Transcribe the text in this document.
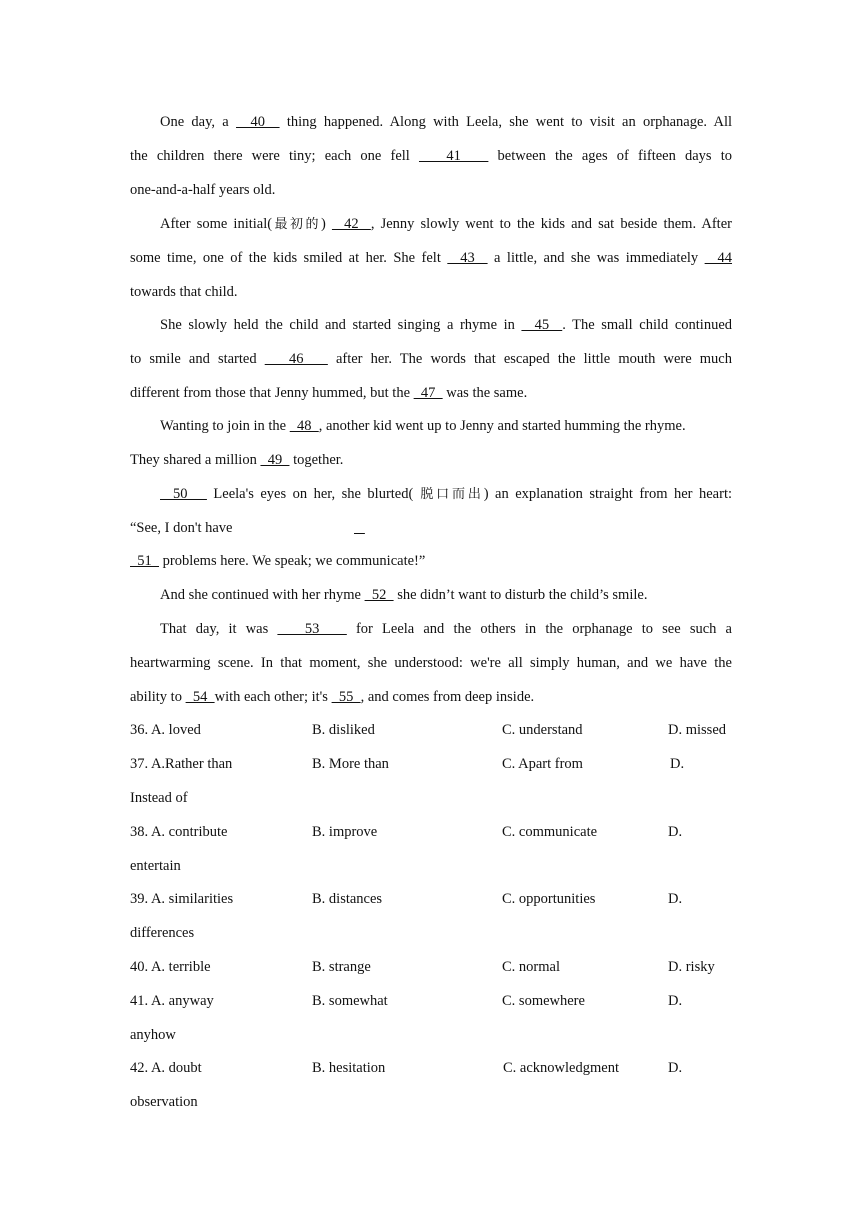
One day, a   40   thing happened. Along with Leela, she went to visit an orphanage. All
the children there were tiny; each one fell    41    between the ages of fifteen days to
one-and-a-half years old.
After some initial(最初的)   42  , Jenny slowly went to the kids and sat beside them. After
some time, one of the kids smiled at her. She felt   43   a little, and she was immediately   44
towards that child.
She slowly held the child and started singing a rhyme in   45  . The small child continued
to smile and started    46    after her. The words that escaped the little mouth were much
different from those that Jenny hummed, but the   47   was the same.
Wanting to join in the   48  , another kid went up to Jenny and started humming the rhyme.
They shared a million   49   together.
50    Leela's eyes on her, she blurted( 脱口而出) an explanation straight from her heart:
“See, I don't have

51   problems here. We speak; we communicate!”
And she continued with her rhyme   52   she didn’t want to disturb the child’s smile.
That day, it was    53    for Leela and the others in the orphanage to see such a
heartwarming scene. In that moment, she understood: we're all simply human, and we have the
ability to   54  with each other; it's   55  , and comes from deep inside.
36. A. loved	B. disliked	C. understand	D. missed
37. A.Rather than	B. More than	C. Apart from	D.
Instead of
38. A. contribute	B. improve	C. communicate	D.
entertain
39. A. similarities	B. distances	C. opportunities	D.
differences
40. A. terrible	B. strange	C. normal	D. risky
41. A. anyway	B. somewhat	C. somewhere	D.
anyhow
42. A. doubt	B. hesitation	C. acknowledgment	D.
observation
